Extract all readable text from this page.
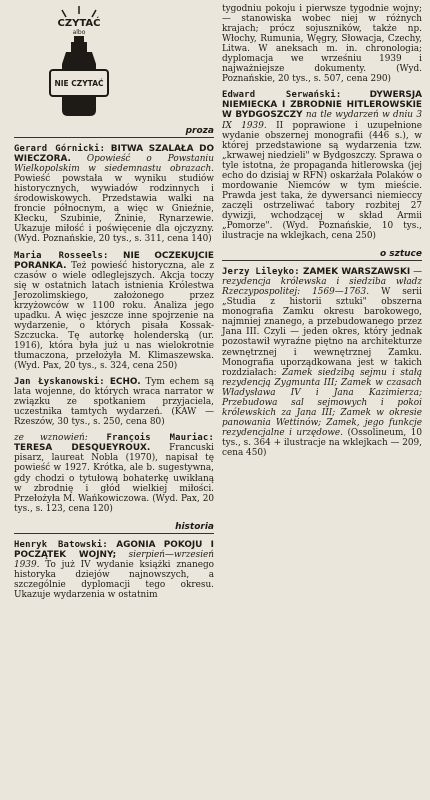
CZYTAĆ
albo
NIE CZYTAĆ
proza

Gerard Górnicki: BITWA SZALAŁA DO WIECZORA. Opowieść o Powstaniu Wielkopolskim w siedemnastu obrazach. Powieść powstała w wyniku studiów historycznych, wywiadów rodzinnych i środowiskowych. Przedstawia walki na froncie północnym, a więc w Gnieźnie, Kłecku, Szubinie, Żninie, Rynarzewie. Ukazuje miłość i poświęcenie dla ojczyzny. (Wyd. Poznańskie, 20 tys., s. 311, cena 140)

Maria Rosseels: NIE OCZEKUJCIE PORANKA. Też powieść historyczna, ale z czasów o wiele odleglejszych. Akcja toczy się w ostatnich latach istnienia Królestwa Jerozolimskiego, założonego przez krzyżowców w 1100 roku. Analiza jego upadku. A więc jeszcze inne spojrzenie na wydarzenie, o których pisała Kossak-Szczucka. Tę autorkę holenderską (ur. 1916), która była już u nas wielokrotnie tłumaczona, przełożyła M. Klimaszewska. (Wyd. Pax, 20 tys., s. 324, cena 250)

Jan Łyskanowski: ECHO. Tym echem są lata wojenne, do których wraca narrator w związku ze spotkaniem przyjaciela, uczestnika tamtych wydarzeń. (KAW — Rzeszów, 30 tys., s. 250, cena 80)

ze wznowień: François Mauriac: TERESA DESQUEYROUX. Francuski pisarz, laureat Nobla (1970), napisał tę powieść w 1927. Krótka, ale b. sugestywna, gdy chodzi o tytułową bohaterkę uwikłaną w zbrodnię i głód wielkiej miłości. Przełożyła M. Wańkowiczowa. (Wyd. Pax, 20 tys., s. 123, cena 120)

historia

Henryk Batowski: AGONIA POKOJU I POCZĄTEK WOJNY; sierpień—wrzesień 1939. To już IV wydanie książki znanego historyka dziejów najnowszych, a szczególnie dyplomacji tego okresu. Ukazuje wydarzenia w ostatnim

tygodniu pokoju i pierwsze tygodnie wojny; — stanowiska wobec niej w różnych krajach; prócz sojuszników, także np. Włochy, Rumunia, Węgry, Słowacja, Czechy, Litwa. W aneksach m. in. chronologia; dyplomacja we wrześniu 1939 i najważniejsze dokumenty. (Wyd. Poznańskie, 20 tys., s. 507, cena 290)

Edward Serwański: DYWERSJA NIEMIECKA I ZBRODNIE HITLEROWSKIE W BYDGOSZCZY na tle wydarzeń w dniu 3 IX 1939. II poprawione i uzupełnione wydanie obszernej monografii (446 s.), w której przedstawione są wydarzenia tzw. „krwawej niedzieli" w Bydgoszczy. Sprawa o tyle istotna, że propaganda hitlerowska (jej echo do dzisiaj w RFN) oskarżała Polaków o mordowanie Niemców w tym mieście. Prawda jest taka, że dywersanci niemieccy zaczęli ostrzeliwać tabory rozbitej 27 dywizji, wchodzącej w skład Armii „Pomorze". (Wyd. Poznańskie, 10 tys., ilustracje na wklejkach, cena 250)

o sztuce

Jerzy Lileyko: ZAMEK WARSZAWSKI — rezydencja królewska i siedziba władz Rzeczypospolitej: 1569—1763. W serii „Studia z historii sztuki" obszerna monografia Zamku okresu barokowego, najmniej znanego, a przebudowanego przez Jana III. Czyli — jeden okres, który jednak pozostawił wyraźne piętno na architekturze zewnętrznej i wewnętrznej Zamku. Monografia uporządkowana jest w takich rozdziałach: Zamek siedzibą sejmu i stałą rezydencją Zygmunta III; Zamek w czasach Władysława IV i Jana Kazimierza; Przebudowa sal sejmowych i pokoi królewskich za Jana III; Zamek w okresie panowania Wettinów; Zamek, jego funkcje rezydencjalne i urzędowe. (Ossolineum, 10 tys., s. 364 + ilustracje na wklejkach — 209, cena 450)
